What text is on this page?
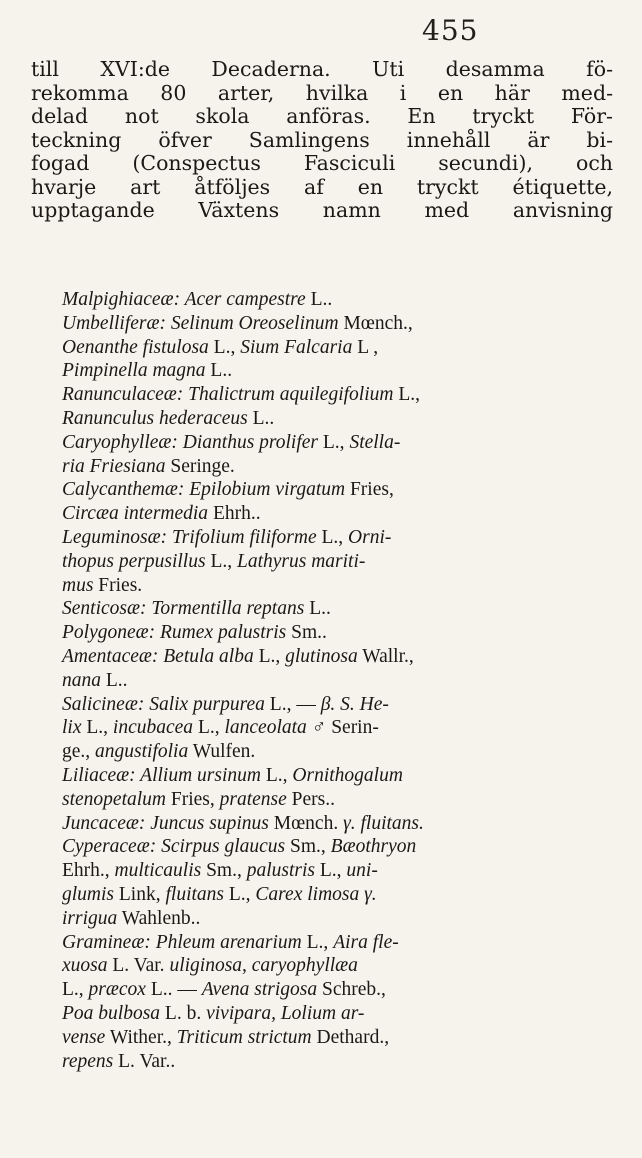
455
till XVI:de Decaderna. Uti desamma fö-
rekomma 80 arter, hvilka i en här med-
delad not skola anföras. En tryckt För-
teckning öfver Samlingens innehåll är bi-
fogad (Conspectus Fasciculi secundi), och
hvarje art åtföljes af en tryckt étiquette,
upptagande Växtens namn med anvisning
Malpighiaceæ: Acer campestre L..
Umbelliferæ: Selinum Oreoselinum Mœnch.,
Oenanthe fistulosa L., Sium Falcaria L ,
Pimpinella magna L..
Ranunculaceæ: Thalictrum aquilegifolium L.,
Ranunculus hederaceus L..
Caryophylleæ: Dianthus prolifer L., Stella-
ria Friesiana Seringe.
Calycanthemæ: Epilobium virgatum Fries,
Circæa intermedia Ehrh..
Leguminosæ: Trifolium filiforme L., Orni-
thopus perpusillus L., Lathyrus mariti-
mus Fries.
Senticosæ: Tormentilla reptans L..
Polygoneæ: Rumex palustris Sm..
Amentaceæ: Betula alba L., glutinosa Wallr.,
nana L..
Salicineæ: Salix purpurea L., — β. S. He-
lix L., incubacea L., lanceolata ♂ Serin-
ge., angustifolia Wulfen.
Liliaceæ: Allium ursinum L., Ornithogalum
stenopetalum Fries, pratense Pers..
Juncaceæ: Juncus supinus Mœnch. γ. fluitans.
Cyperaceæ: Scirpus glaucus Sm., Bæothryon
Ehrh., multicaulis Sm., palustris L., uni-
glumis Link, fluitans L., Carex limosa γ.
irrigua Wahlenb..
Gramineæ: Phleum arenarium L., Aira fle-
xuosa L. Var. uliginosa, caryophyllæa
L., præcox L.. — Avena strigosa Schreb.,
Poa bulbosa L. b. vivipara, Lolium ar-
vense Wither., Triticum strictum Dethard.,
repens L. Var..
